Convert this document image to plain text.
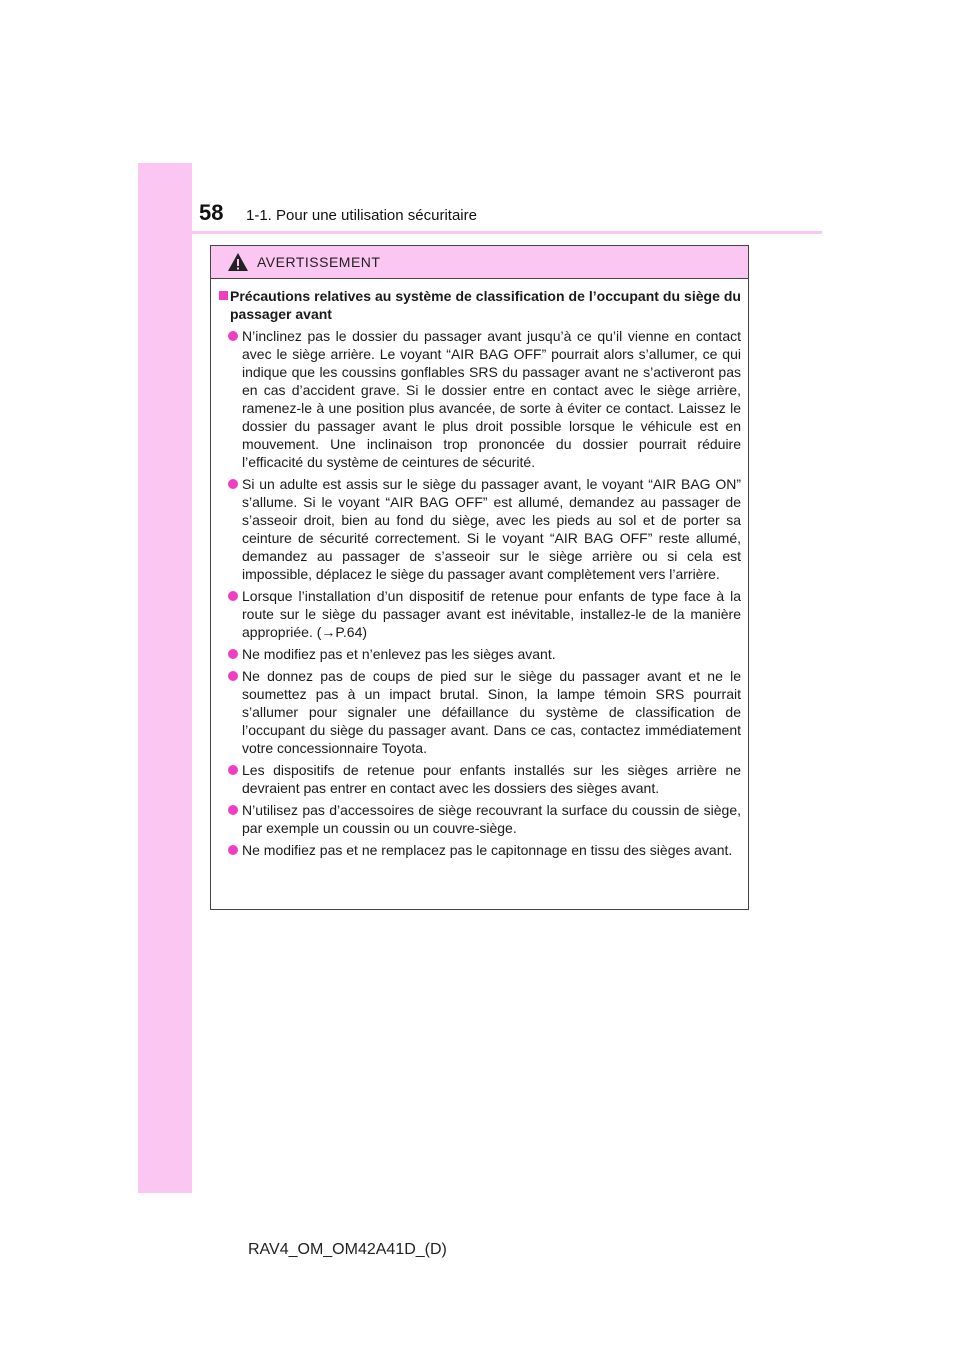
58 1-1. Pour une utilisation sécuritaire
AVERTISSEMENT
Précautions relatives au système de classification de l’occupant du siège du passager avant
N’inclinez pas le dossier du passager avant jusqu’à ce qu’il vienne en contact avec le siège arrière. Le voyant “AIR BAG OFF” pourrait alors s’allumer, ce qui indique que les coussins gonflables SRS du passager avant ne s’activeront pas en cas d’accident grave. Si le dossier entre en contact avec le siège arrière, ramenez-le à une position plus avancée, de sorte à éviter ce contact. Laissez le dossier du passager avant le plus droit possible lorsque le véhicule est en mouvement. Une inclinaison trop prononcée du dossier pourrait réduire l’efficacité du système de ceintures de sécurité.
Si un adulte est assis sur le siège du passager avant, le voyant “AIR BAG ON” s’allume. Si le voyant “AIR BAG OFF” est allumé, demandez au passager de s’asseoir droit, bien au fond du siège, avec les pieds au sol et de porter sa ceinture de sécurité correctement. Si le voyant “AIR BAG OFF” reste allumé, demandez au passager de s’asseoir sur le siège arrière ou si cela est impossible, déplacez le siège du passager avant complètement vers l’arrière.
Lorsque l’installation d’un dispositif de retenue pour enfants de type face à la route sur le siège du passager avant est inévitable, installez-le de la manière appropriée. (→P.64)
Ne modifiez pas et n’enlevez pas les sièges avant.
Ne donnez pas de coups de pied sur le siège du passager avant et ne le soumettez pas à un impact brutal. Sinon, la lampe témoin SRS pourrait s’allumer pour signaler une défaillance du système de classification de l’occupant du siège du passager avant. Dans ce cas, contactez immédiatement votre concessionnaire Toyota.
Les dispositifs de retenue pour enfants installés sur les sièges arrière ne devraient pas entrer en contact avec les dossiers des sièges avant.
N’utilisez pas d’accessoires de siège recouvrant la surface du coussin de siège, par exemple un coussin ou un couvre-siège.
Ne modifiez pas et ne remplacez pas le capitonnage en tissu des sièges avant.
RAV4_OM_OM42A41D_(D)
